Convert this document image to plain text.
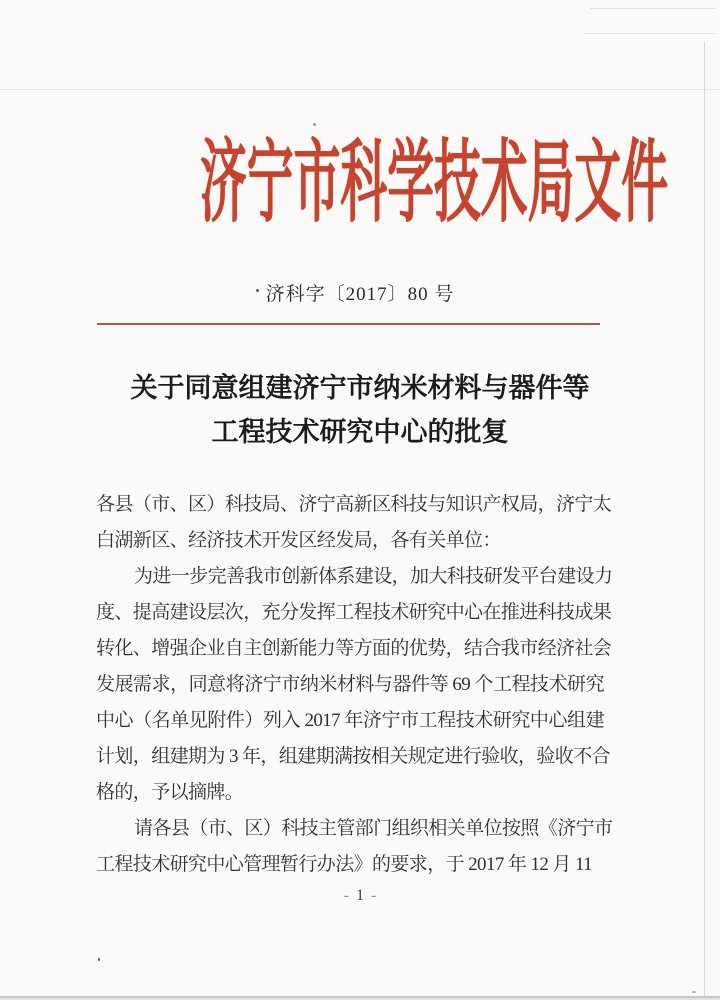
济宁市科学技术局文件
济科字〔2017〕80 号
关于同意组建济宁市纳米材料与器件等
工程技术研究中心的批复
各县（市、区）科技局、济宁高新区科技与知识产权局，济宁太
白湖新区、经济技术开发区经发局，各有关单位：
为进一步完善我市创新体系建设，加大科技研发平台建设力
度、提高建设层次，充分发挥工程技术研究中心在推进科技成果
转化、增强企业自主创新能力等方面的优势，结合我市经济社会
发展需求，同意将济宁市纳米材料与器件等 69 个工程技术研究
中心（名单见附件）列入 2017 年济宁市工程技术研究中心组建
计划，组建期为 3 年，组建期满按相关规定进行验收，验收不合
格的，予以摘牌。
请各县（市、区）科技主管部门组织相关单位按照《济宁市
工程技术研究中心管理暂行办法》的要求，于 2017 年 12 月 11
- 1 -
